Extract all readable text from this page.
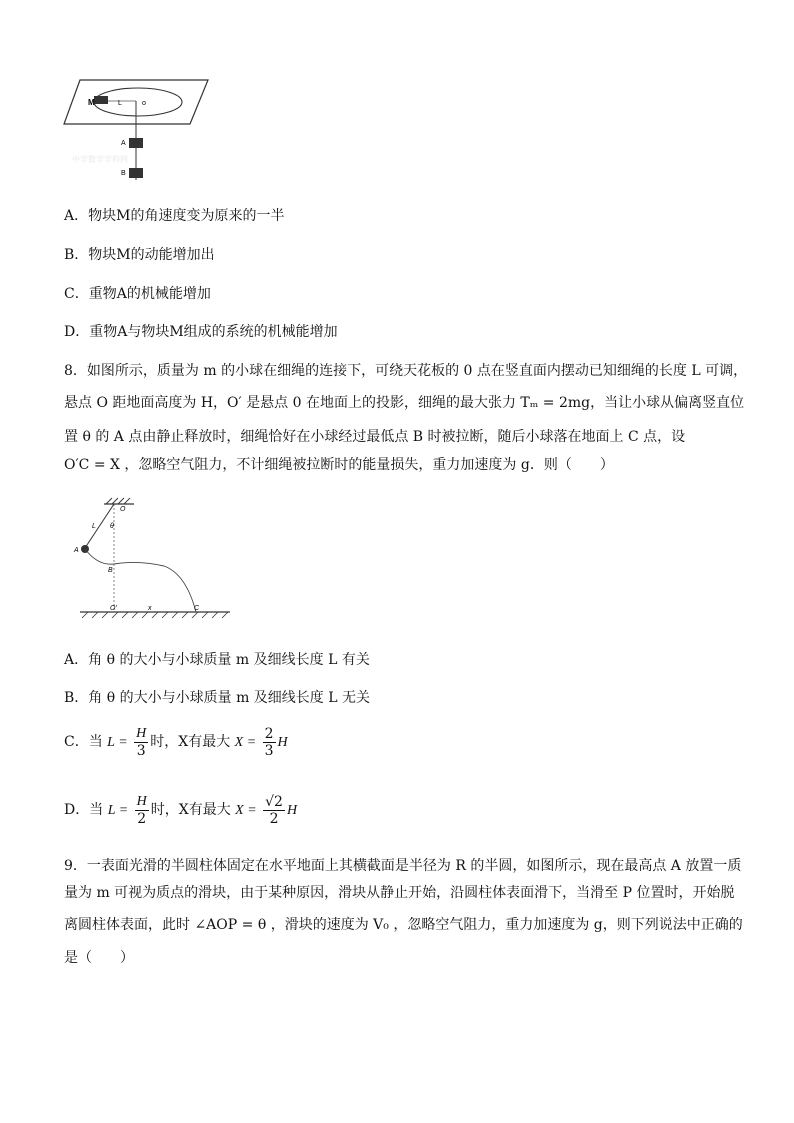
M	L	o
A
B
中学数学学科网
A．物块M的角速度变为原来的一半
B．物块M的动能增加出
C．重物A的机械能增加
D．重物A与物块M组成的系统的机械能增加
8．如图所示，质量为 m 的小球在细绳的连接下，可绕天花板的 0 点在竖直面内摆动已知细绳的长度 L 可调，
悬点 O 距地面高度为 H，O′ 是悬点 0 在地面上的投影，细绳的最大张力 Tₘ = 2mg，当让小球从偏离竖直位
置 θ 的 A 点由静止释放时，细绳恰好在小球经过最低点 B 时被拉断，随后小球落在地面上 C 点，设
O′C = X ，忽略空气阻力，不计细绳被拉断时的能量损失，重力加速度为 g．则（　　）
O
L θ
A
B
O'	x	C
A．角 θ 的大小与小球质量 m 及细线长度 L 有关
B．角 θ 的大小与小球质量 m 及细线长度 L 无关
C．当 $L = \frac{H}{3}$ 时，X有最大 $X = \frac{2}{3}$ H
D．当 $L = \frac{H}{2}$ 时，X有最大 $X = \frac{√2}{2}$ H
9．一表面光滑的半圆柱体固定在水平地面上其横截面是半径为 R 的半圆，如图所示，现在最高点 A 放置一质
量为 m 可视为质点的滑块，由于某种原因，滑块从静止开始，沿圆柱体表面滑下，当滑至 P 位置时，开始脱
离圆柱体表面，此时 ∠AOP = θ ，滑块的速度为 V₀ ，忽略空气阻力，重力加速度为 g，则下列说法中正确的
是（　　）
